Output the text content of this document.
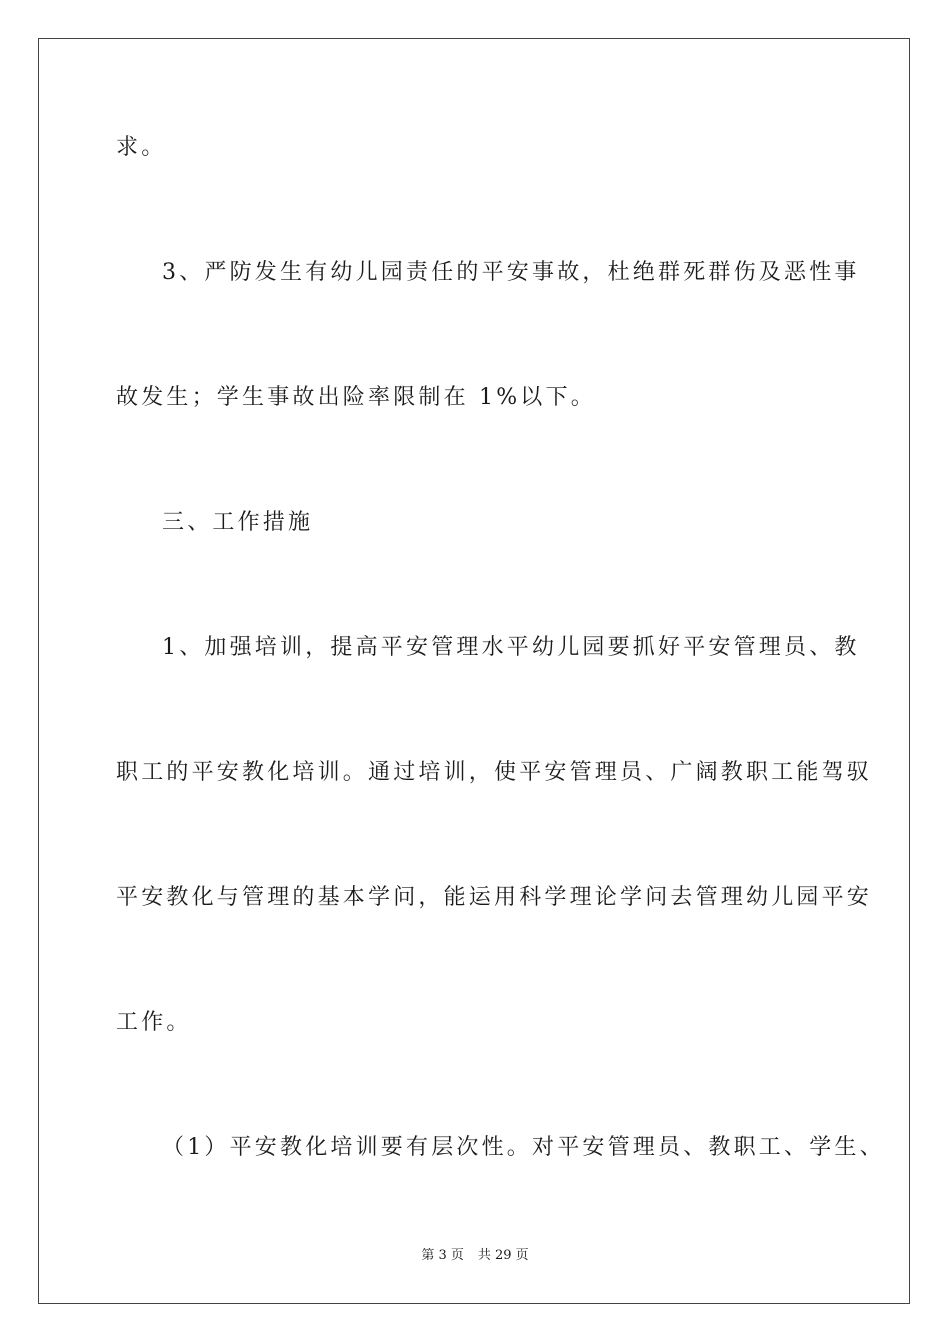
求。
3、严防发生有幼儿园责任的平安事故，杜绝群死群伤及恶性事
故发生；学生事故出险率限制在 1%以下。
三、工作措施
1、加强培训，提高平安管理水平幼儿园要抓好平安管理员、教
职工的平安教化培训。通过培训，使平安管理员、广阔教职工能驾驭
平安教化与管理的基本学问，能运用科学理论学问去管理幼儿园平安
工作。
（1）平安教化培训要有层次性。对平安管理员、教职工、学生、
第 3 页 共 29 页
